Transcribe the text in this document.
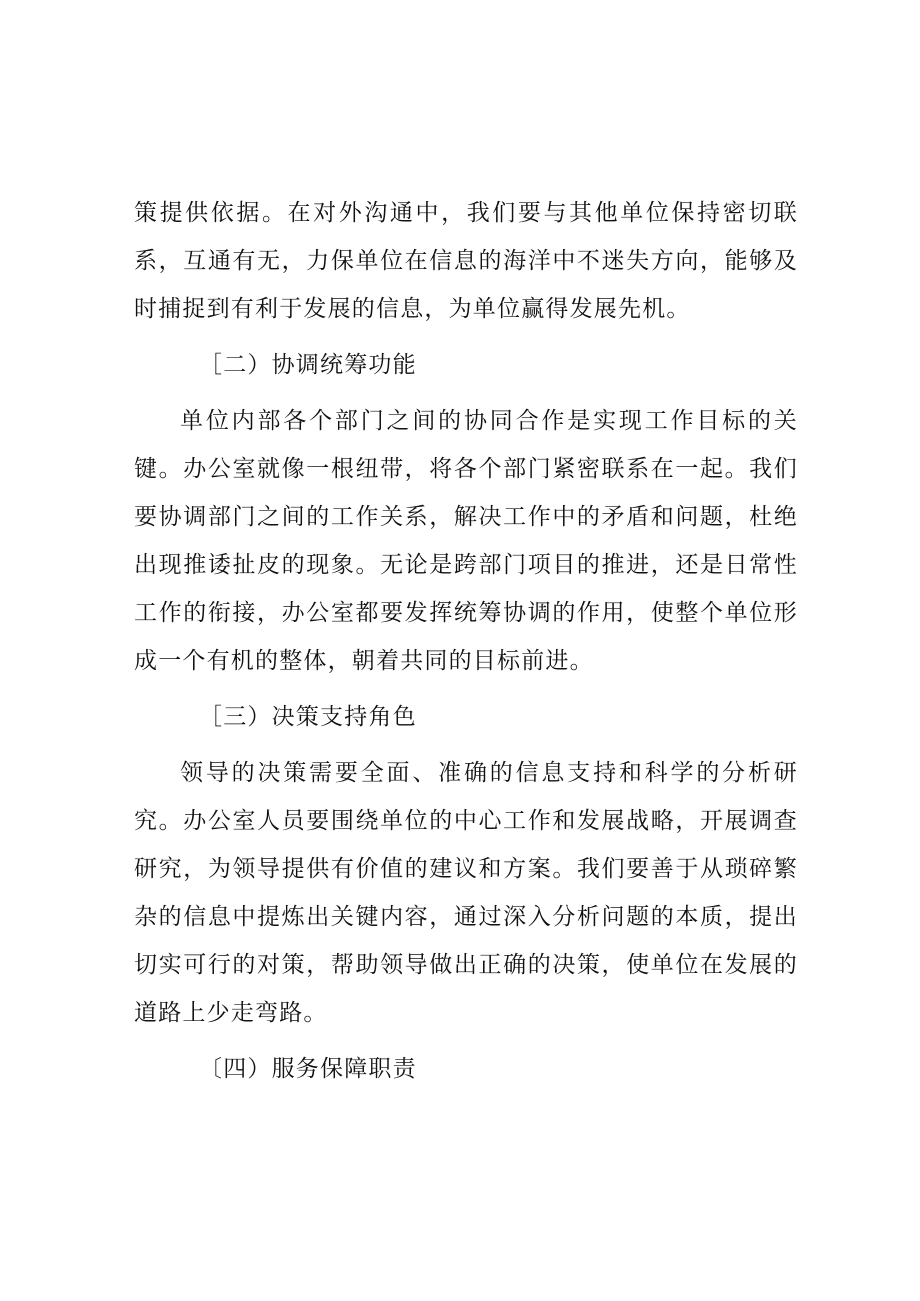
策提供依据。在对外沟通中，我们要与其他单位保持密切联系，互通有无，力保单位在信息的海洋中不迷失方向，能够及时捕捉到有利于发展的信息，为单位赢得发展先机。

［二）协调统筹功能

单位内部各个部门之间的协同合作是实现工作目标的关键。办公室就像一根纽带，将各个部门紧密联系在一起。我们要协调部门之间的工作关系，解决工作中的矛盾和问题，杜绝出现推诿扯皮的现象。无论是跨部门项目的推进，还是日常性工作的衔接，办公室都要发挥统筹协调的作用，使整个单位形成一个有机的整体，朝着共同的目标前进。

［三）决策支持角色

领导的决策需要全面、准确的信息支持和科学的分析研究。办公室人员要围绕单位的中心工作和发展战略，开展调查研究，为领导提供有价值的建议和方案。我们要善于从琐碎繁杂的信息中提炼出关键内容，通过深入分析问题的本质，提出切实可行的对策，帮助领导做出正确的决策，使单位在发展的道路上少走弯路。

〔四）服务保障职责
